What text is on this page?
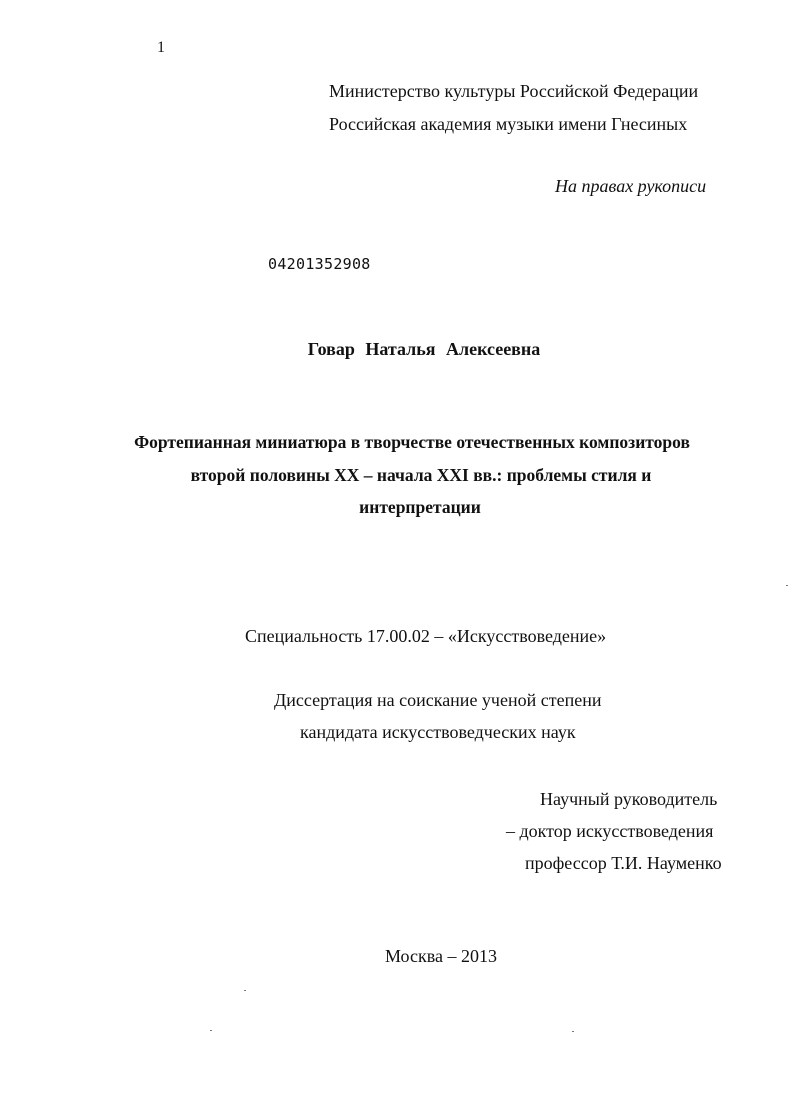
1
Министерство культуры Российской Федерации
Российская академия музыки имени Гнесиных
На правах рукописи
04201352908
Говар Наталья Алексеевна
Фортепианная миниатюра в творчестве отечественных композиторов
второй половины XX – начала XXI вв.: проблемы стиля и
интерпретации
Специальность 17.00.02 – «Искусствоведение»
Диссертация на соискание ученой степени
кандидата искусствоведческих наук
Научный руководитель
– доктор искусствоведения
профессор Т.И. Науменко
Москва – 2013
